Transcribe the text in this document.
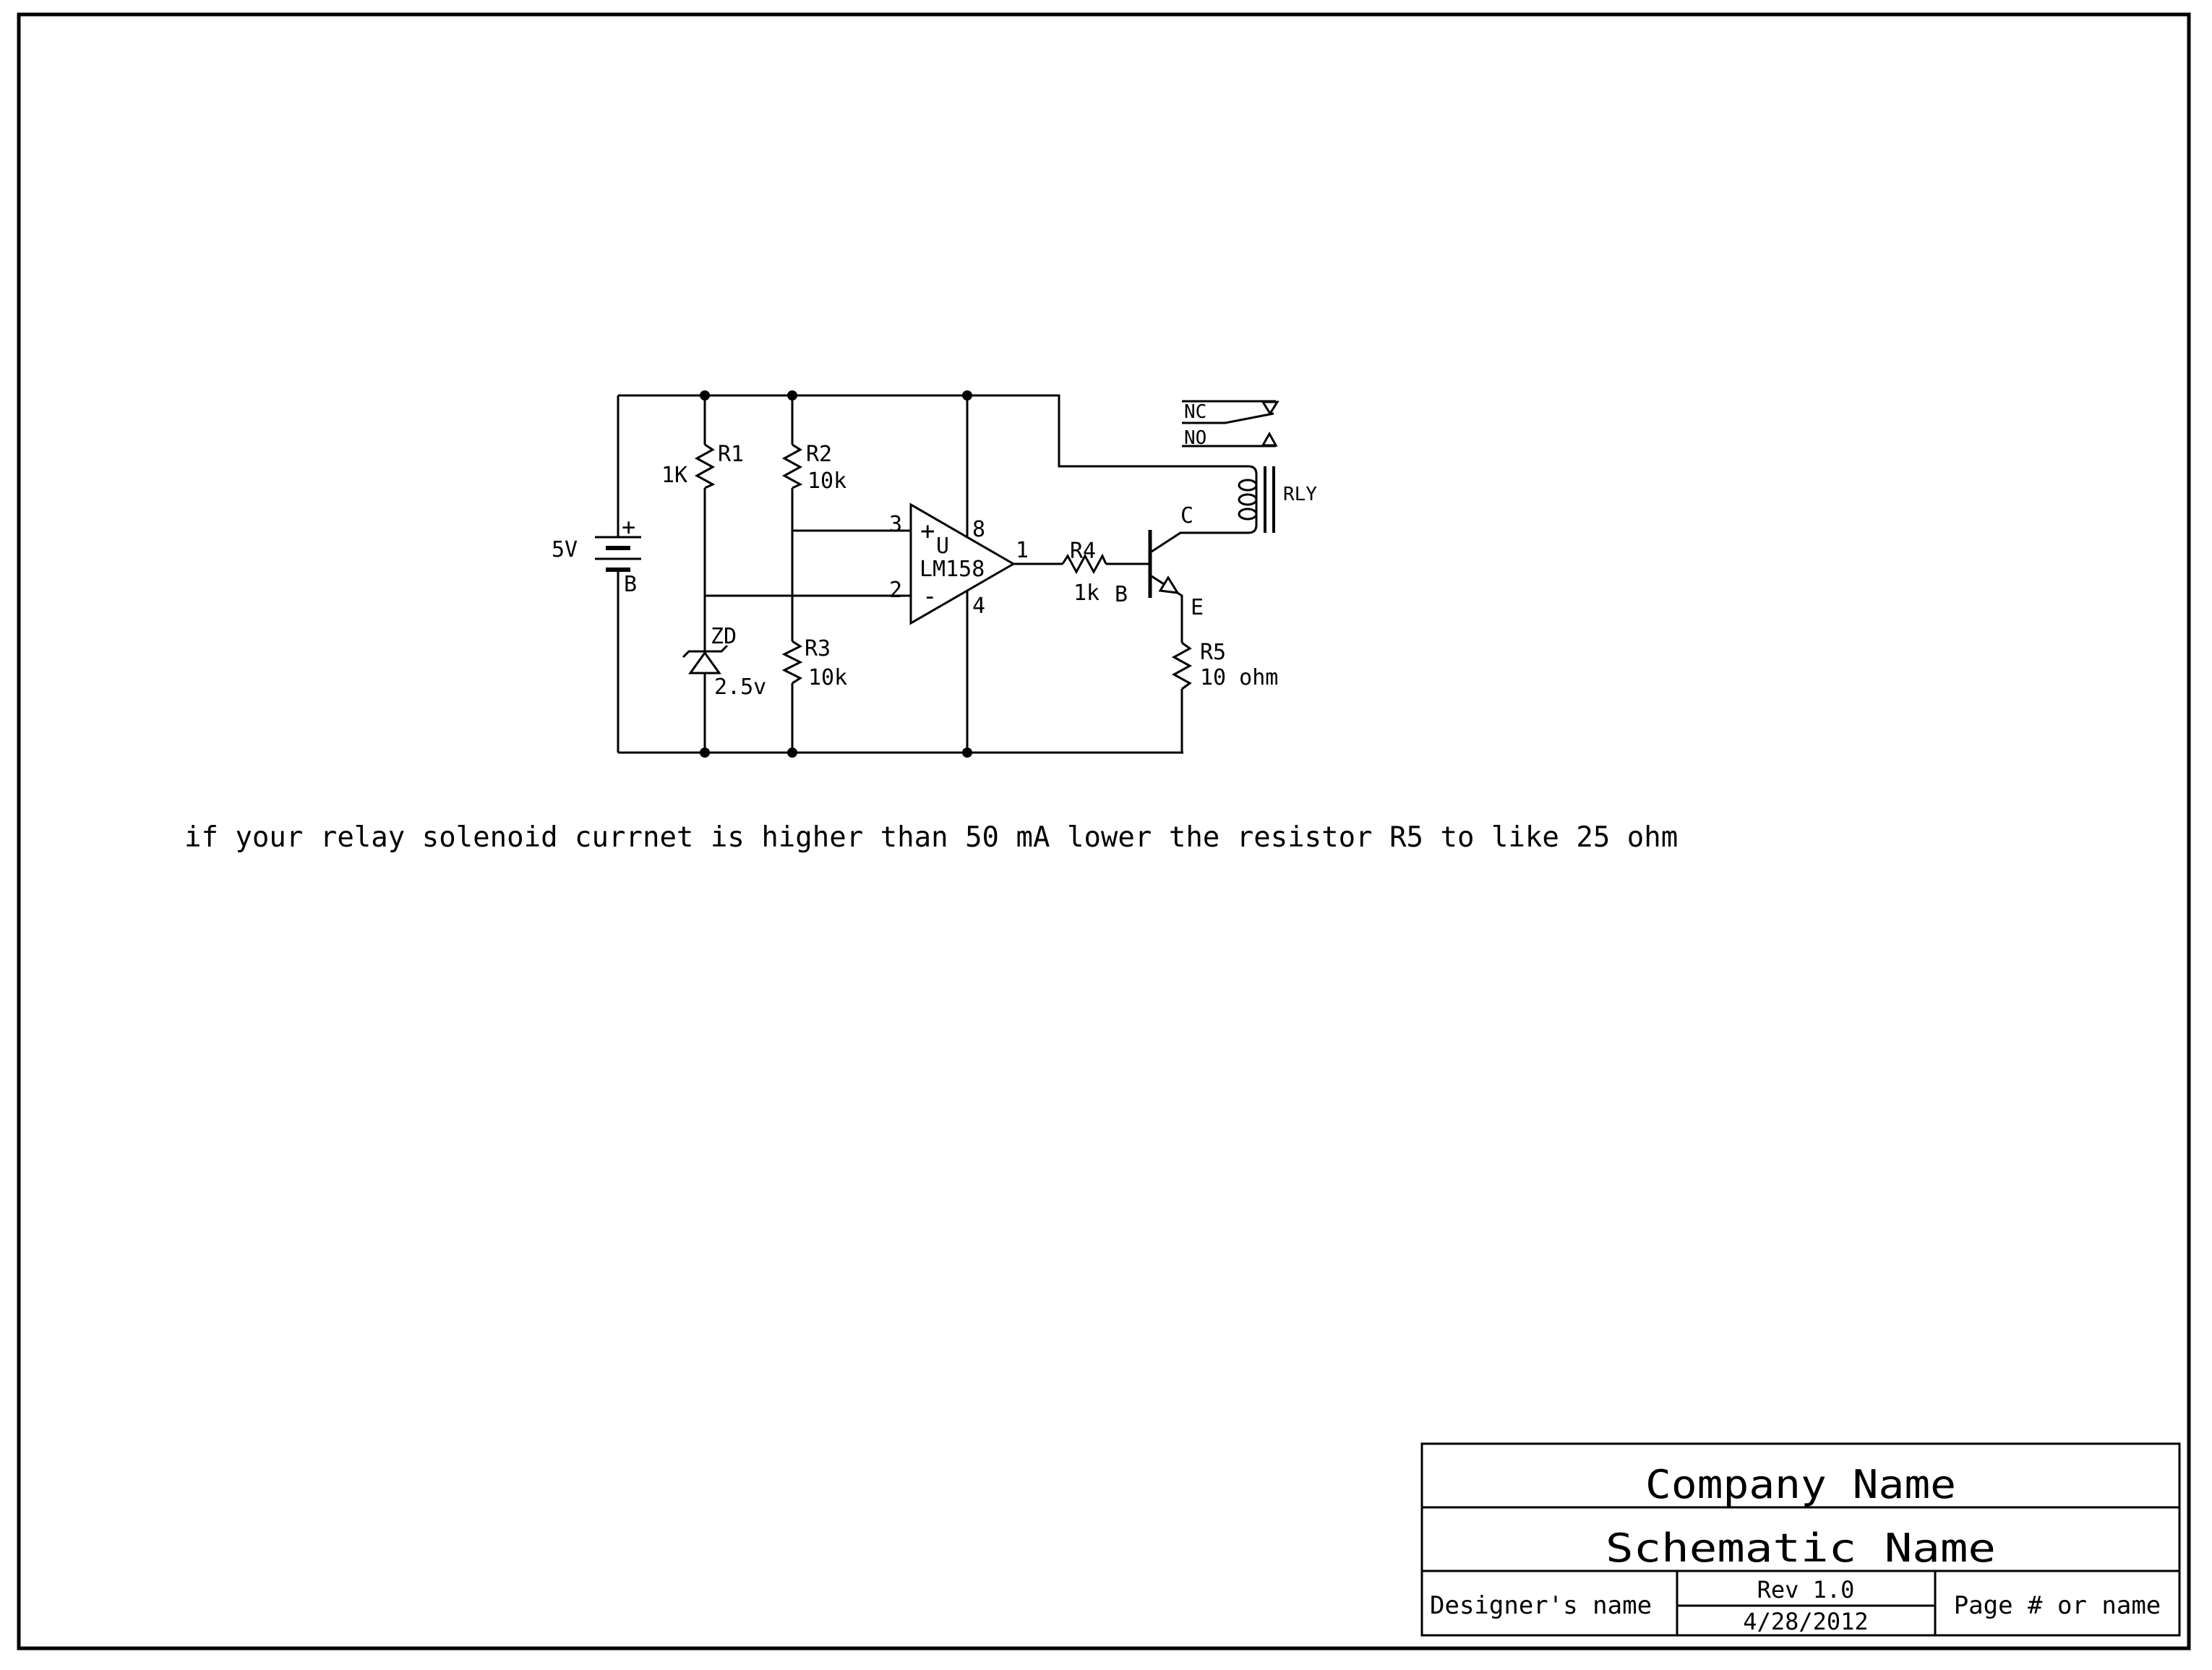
5V
+
B
R1
1K
R2
10k
R3
10k
ZD
2.5v
+
-
U
LM158
3
2
8
4
1 R4
1k
C
B
E
R5
10 ohm
RLY
NC
NO
if your relay solenoid currnet is higher than 50 mA lower the resistor R5 to like 25 ohm
Company Name
Schematic Name
Designer's name
Rev 1.0
4/28/2012
Page # or name
